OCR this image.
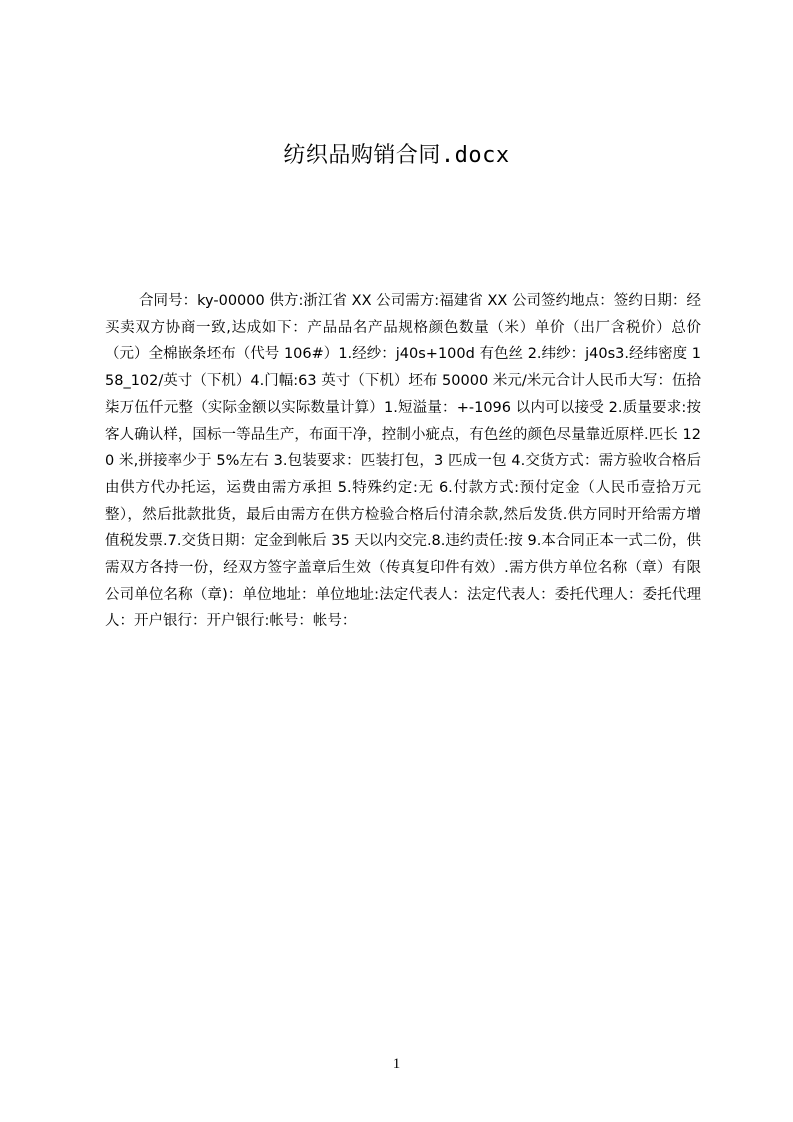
纺织品购销合同.docx

合同号：ky-00000 供方:浙江省 XX 公司需方:福建省 XX 公司签约地点：签约日期：经买卖双方协商一致,达成如下：产品品名产品规格颜色数量（米）单价（出厂含税价）总价（元）全棉嵌条坯布（代号 106#）1.经纱：j40s+100d 有色丝 2.纬纱：j40s3.经纬密度 158_102/英寸（下机）4.门幅:63 英寸（下机）坯布 50000 米元/米元合计人民币大写：伍拾柒万伍仟元整（实际金额以实际数量计算）1.短溢量：+-1096 以内可以接受 2.质量要求:按客人确认样，国标一等品生产，布面干净，控制小疵点，有色丝的颜色尽量靠近原样.匹长 120 米,拼接率少于 5%左右 3.包装要求：匹装打包，3 匹成一包 4.交货方式：需方验收合格后由供方代办托运，运费由需方承担 5.特殊约定:无 6.付款方式:预付定金（人民币壹拾万元整），然后批款批货，最后由需方在供方检验合格后付清余款,然后发货.供方同时开给需方增值税发票.7.交货日期：定金到帐后 35 天以内交完.8.违约责任:按 9.本合同正本一式二份，供需双方各持一份，经双方签字盖章后生效（传真复印件有效）.需方供方单位名称（章）有限公司单位名称（章)：单位地址：单位地址:法定代表人：法定代表人：委托代理人：委托代理人：开户银行：开户银行:帐号：帐号：

1
